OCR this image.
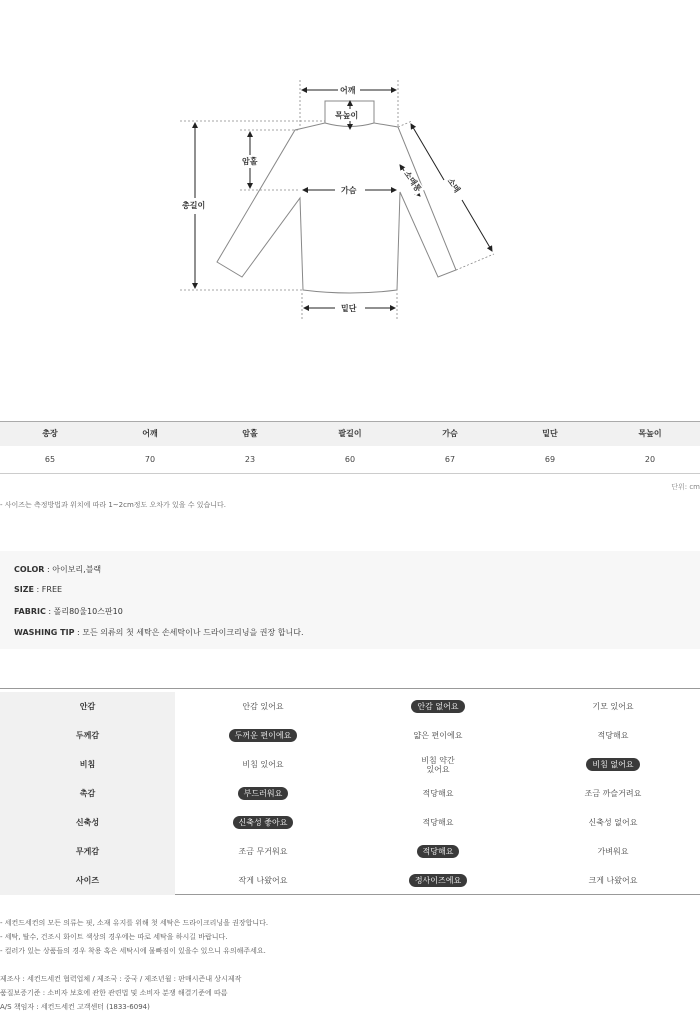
어깨
목높이
암홀
가슴
총길이
소매통	소매
밑단
총장	어깨	암홀	팔길이	가슴	밑단	목높이
65	70	23	60	67	69	20
단위: cm
- 사이즈는 측정방법과 위치에 따라 1~2cm정도 오차가 있을 수 있습니다.
COLOR : 아이보리,블랙
SIZE : FREE
FABRIC : 폴리80울10스판10
WASHING TIP : 모든 의류의 첫 세탁은 손세탁이나 드라이크리닝을 권장 합니다.
안감	안감 있어요	안감 없어요	기모 있어요
두께감	두꺼운 편이에요	얇은 편이에요	적당해요
비침	비침 있어요	비침 약간 있어요	비침 없어요
촉감	부드러워요	적당해요	조금 까슬거려요
신축성	신축성 좋아요	적당해요	신축성 없어요
무게감	조금 무거워요	적당해요	가벼워요
사이즈	작게 나왔어요	정사이즈에요	크게 나왔어요
- 세컨드세컨의 모든 의류는 핏, 소재 유지를 위해 첫 세탁은 드라이크리닝을 권장합니다.
- 세탁, 탈수, 건조시 화이트 색상의 경우에는 따로 세탁을 하시길 바랍니다.
- 컬러가 있는 상품들의 경우 착용 혹은 세탁시에 물빠짐이 있을수 있으니 유의해주세요.
제조사 : 세컨드세컨 협력업체 / 제조국 : 중국 / 제조년월 : 판매시즌내 상시제작
품질보증기준 : 소비자 보호에 관한 관련법 및 소비자 분쟁 해결기준에 따름
A/S 책임자 : 세컨드세컨 고객센터 (1833-6094)
